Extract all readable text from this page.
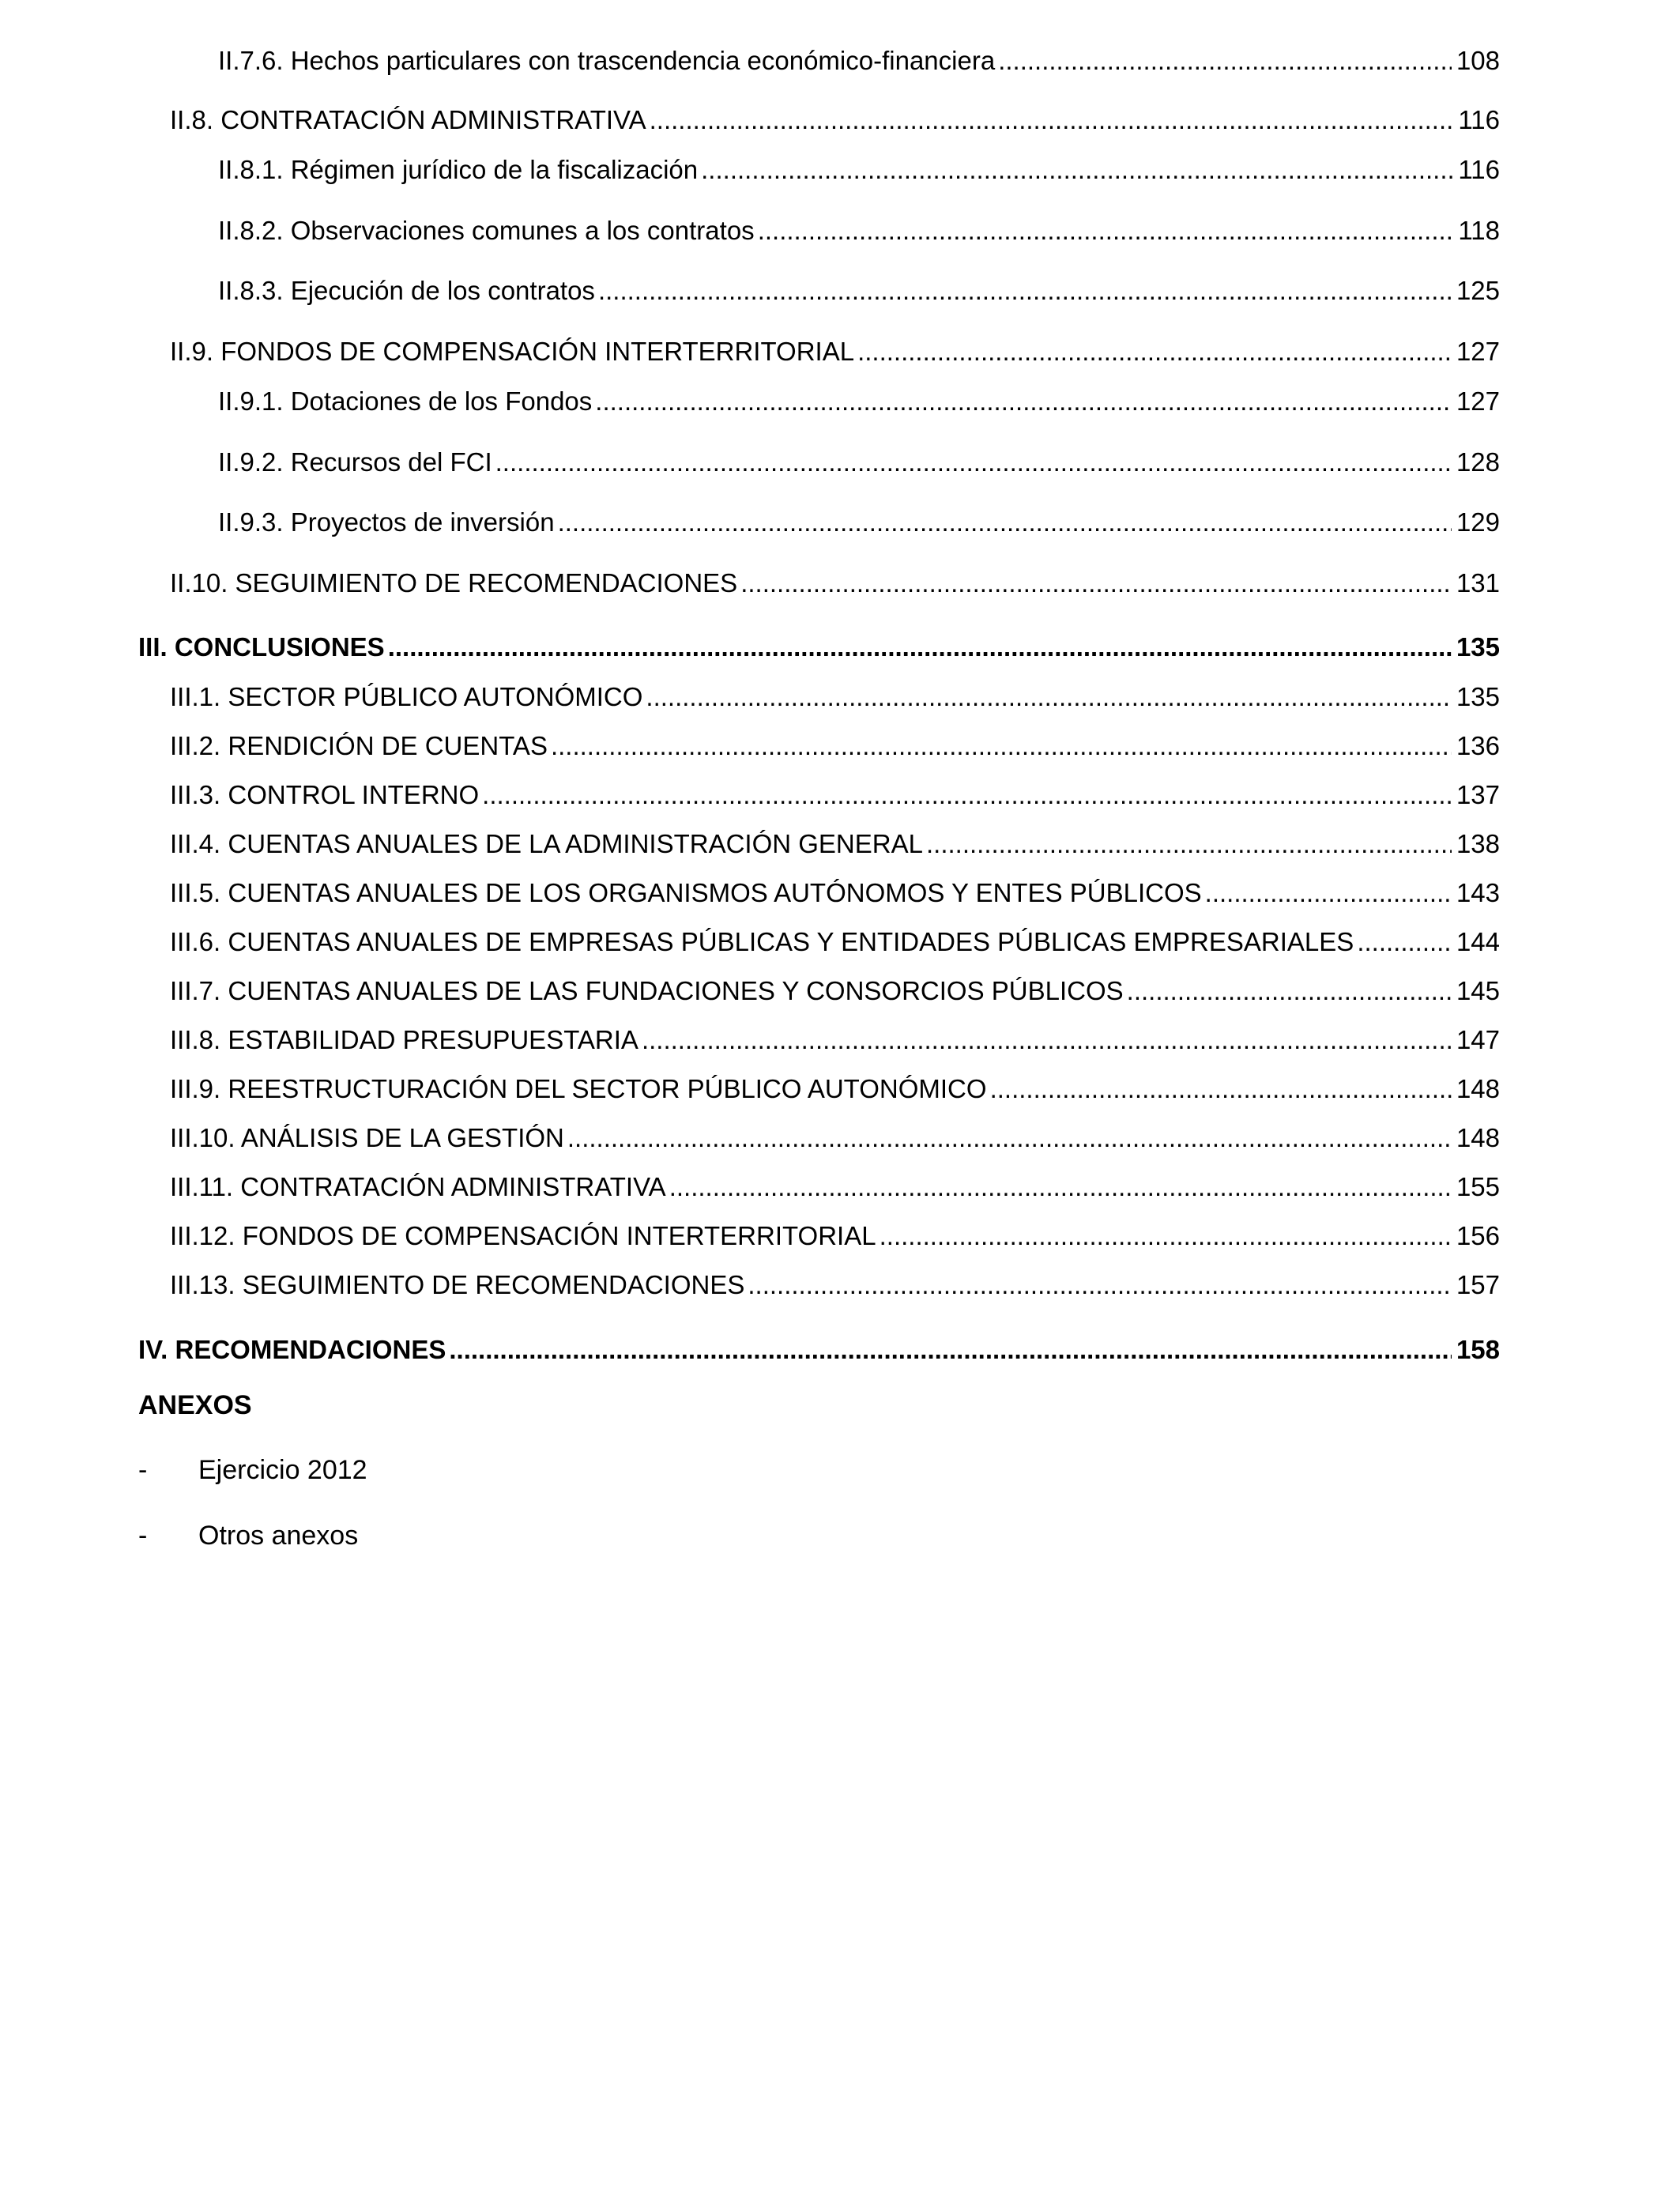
II.7.6. Hechos particulares con trascendencia económico-financiera .....	108
II.8. CONTRATACIÓN ADMINISTRATIVA .....	116
II.8.1. Régimen jurídico de la fiscalización .....	116
II.8.2. Observaciones comunes a los contratos .....	118
II.8.3. Ejecución de los contratos .....	125
II.9. FONDOS DE COMPENSACIÓN INTERTERRITORIAL .....	127
II.9.1. Dotaciones de los Fondos .....	127
II.9.2. Recursos del FCI .....	128
II.9.3. Proyectos de inversión .....	129
II.10. SEGUIMIENTO DE RECOMENDACIONES .....	131
III. CONCLUSIONES .....	135
III.1. SECTOR PÚBLICO AUTONÓMICO .....	135
III.2. RENDICIÓN DE CUENTAS .....	136
III.3. CONTROL INTERNO .....	137
III.4. CUENTAS ANUALES DE LA ADMINISTRACIÓN GENERAL .....	138
III.5. CUENTAS ANUALES DE LOS ORGANISMOS AUTÓNOMOS Y ENTES PÚBLICOS .....	143
III.6. CUENTAS ANUALES DE EMPRESAS PÚBLICAS Y ENTIDADES PÚBLICAS EMPRESARIALES .....	144
III.7. CUENTAS ANUALES DE LAS FUNDACIONES Y CONSORCIOS PÚBLICOS .....	145
III.8. ESTABILIDAD PRESUPUESTARIA .....	147
III.9. REESTRUCTURACIÓN DEL SECTOR PÚBLICO AUTONÓMICO .....	148
III.10. ANÁLISIS DE LA GESTIÓN .....	148
III.11. CONTRATACIÓN ADMINISTRATIVA .....	155
III.12. FONDOS DE COMPENSACIÓN INTERTERRITORIAL .....	156
III.13. SEGUIMIENTO DE RECOMENDACIONES .....	157
IV. RECOMENDACIONES .....	158
ANEXOS
-	Ejercicio 2012
-	Otros anexos
